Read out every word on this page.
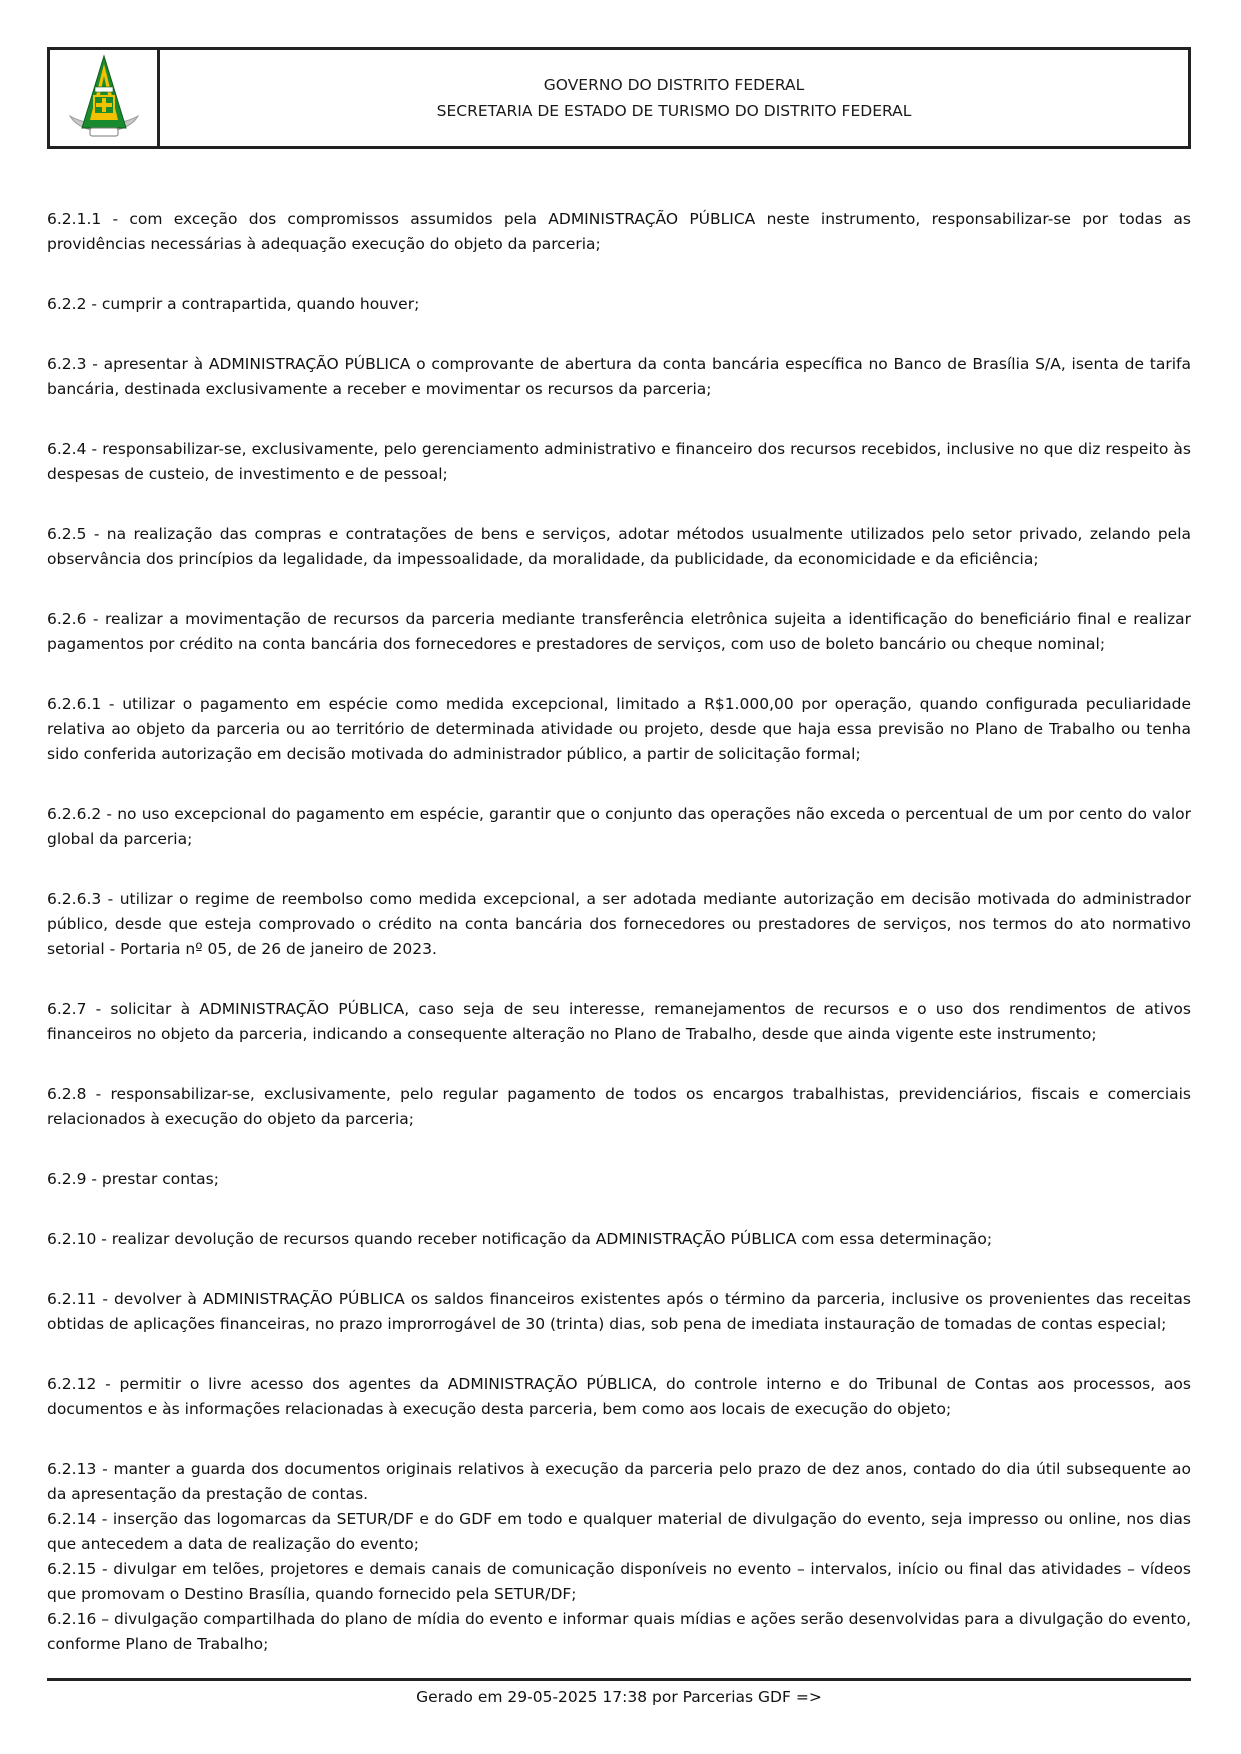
GOVERNO DO DISTRITO FEDERAL
SECRETARIA DE ESTADO DE TURISMO DO DISTRITO FEDERAL

6.2.1.1 - com exceção dos compromissos assumidos pela ADMINISTRAÇÃO PÚBLICA neste instrumento, responsabilizar-se por todas as providências necessárias à adequação execução do objeto da parceria;

6.2.2 - cumprir a contrapartida, quando houver;

6.2.3 - apresentar à ADMINISTRAÇÃO PÚBLICA o comprovante de abertura da conta bancária específica no Banco de Brasília S/A, isenta de tarifa bancária, destinada exclusivamente a receber e movimentar os recursos da parceria;

6.2.4 - responsabilizar-se, exclusivamente, pelo gerenciamento administrativo e financeiro dos recursos recebidos, inclusive no que diz respeito às despesas de custeio, de investimento e de pessoal;

6.2.5 - na realização das compras e contratações de bens e serviços, adotar métodos usualmente utilizados pelo setor privado, zelando pela observância dos princípios da legalidade, da impessoalidade, da moralidade, da publicidade, da economicidade e da eficiência;

6.2.6 - realizar a movimentação de recursos da parceria mediante transferência eletrônica sujeita a identificação do beneficiário final e realizar pagamentos por crédito na conta bancária dos fornecedores e prestadores de serviços, com uso de boleto bancário ou cheque nominal;

6.2.6.1 - utilizar o pagamento em espécie como medida excepcional, limitado a R$1.000,00 por operação, quando configurada peculiaridade relativa ao objeto da parceria ou ao território de determinada atividade ou projeto, desde que haja essa previsão no Plano de Trabalho ou tenha sido conferida autorização em decisão motivada do administrador público, a partir de solicitação formal;

6.2.6.2 - no uso excepcional do pagamento em espécie, garantir que o conjunto das operações não exceda o percentual de um por cento do valor global da parceria;

6.2.6.3 - utilizar o regime de reembolso como medida excepcional, a ser adotada mediante autorização em decisão motivada do administrador público, desde que esteja comprovado o crédito na conta bancária dos fornecedores ou prestadores de serviços, nos termos do ato normativo setorial - Portaria nº 05, de 26 de janeiro de 2023.

6.2.7 - solicitar à ADMINISTRAÇÃO PÚBLICA, caso seja de seu interesse, remanejamentos de recursos e o uso dos rendimentos de ativos financeiros no objeto da parceria, indicando a consequente alteração no Plano de Trabalho, desde que ainda vigente este instrumento;

6.2.8 - responsabilizar-se, exclusivamente, pelo regular pagamento de todos os encargos trabalhistas, previdenciários, fiscais e comerciais relacionados à execução do objeto da parceria;

6.2.9 - prestar contas;

6.2.10 - realizar devolução de recursos quando receber notificação da ADMINISTRAÇÃO PÚBLICA com essa determinação;

6.2.11 - devolver à ADMINISTRAÇÃO PÚBLICA os saldos financeiros existentes após o término da parceria, inclusive os provenientes das receitas obtidas de aplicações financeiras, no prazo improrrogável de 30 (trinta) dias, sob pena de imediata instauração de tomadas de contas especial;

6.2.12 - permitir o livre acesso dos agentes da ADMINISTRAÇÃO PÚBLICA, do controle interno e do Tribunal de Contas aos processos, aos documentos e às informações relacionadas à execução desta parceria, bem como aos locais de execução do objeto;

6.2.13 - manter a guarda dos documentos originais relativos à execução da parceria pelo prazo de dez anos, contado do dia útil subsequente ao da apresentação da prestação de contas.

6.2.14 - inserção das logomarcas da SETUR/DF e do GDF em todo e qualquer material de divulgação do evento, seja impresso ou online, nos dias que antecedem a data de realização do evento;

6.2.15 - divulgar em telões, projetores e demais canais de comunicação disponíveis no evento – intervalos, início ou final das atividades – vídeos que promovam o Destino Brasília, quando fornecido pela SETUR/DF;

6.2.16 – divulgação compartilhada do plano de mídia do evento e informar quais mídias e ações serão desenvolvidas para a divulgação do evento, conforme Plano de Trabalho;

Gerado em 29-05-2025 17:38 por Parcerias GDF =>
